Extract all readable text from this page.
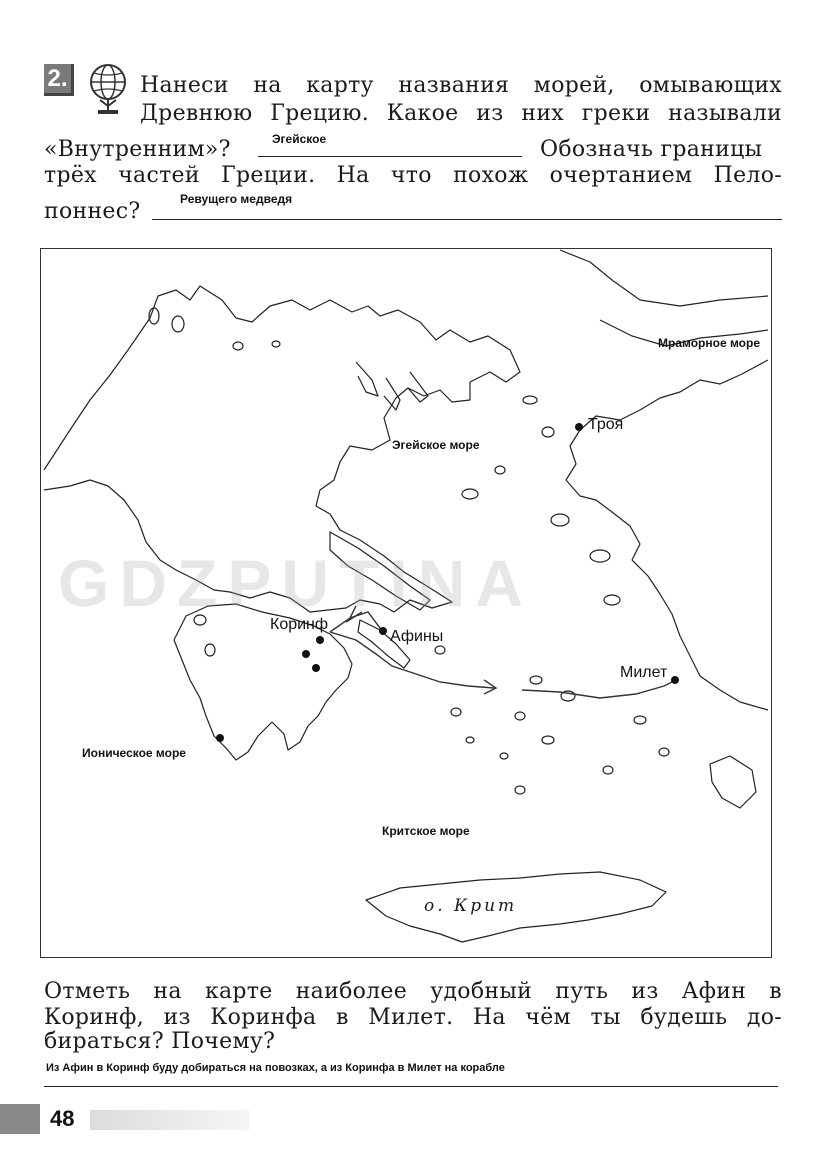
2.	Нанеси на карту названия морей, омывающих
Древнюю Грецию. Какое из них греки называли
«Внутренним»?	Эгейское	Обозначь границы
трёх частей Греции. На что похож очертанием Пело-
поннес?	Ревущего медведя
GDZPUTINA
Мраморное море
Эгейское море
Ионическое море
Критское море
Троя
Коринф
Афины
Милет
о. Крит
Отметь на карте наиболее удобный путь из Афин в
Коринф, из Коринфа в Милет. На чём ты будешь до-
бираться? Почему?
Из Афин в Коринф буду добираться на повозках, а из Коринфа в Милет на корабле
48
